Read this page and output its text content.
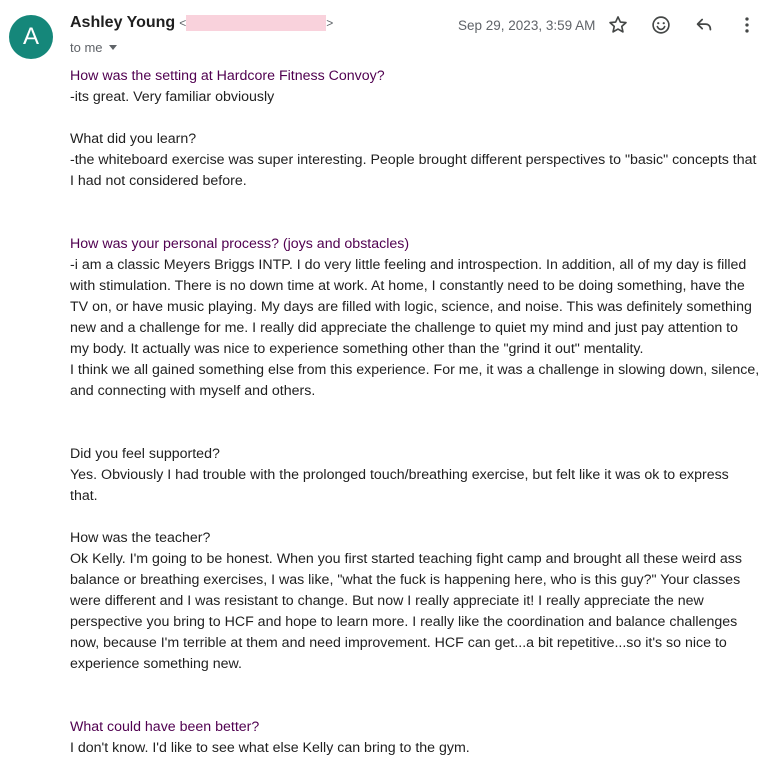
A
Ashley Young <	>
to me
Sep 29, 2023, 3:59 AM

How was the setting at Hardcore Fitness Convoy?

-its great. Very familiar obviously

What did you learn?

-the whiteboard exercise was super interesting. People brought different perspectives to "basic" concepts that I had not considered before.

How was your personal process? (joys and obstacles)

-i am a classic Meyers Briggs INTP. I do very little feeling and introspection. In addition, all of my day is filled with stimulation. There is no down time at work. At home, I constantly need to be doing something, have the TV on, or have music playing. My days are filled with logic, science, and noise. This was definitely something new and a challenge for me. I really did appreciate the challenge to quiet my mind and just pay attention to my body. It actually was nice to experience something other than the "grind it out" mentality.

I think we all gained something else from this experience. For me, it was a challenge in slowing down, silence, and connecting with myself and others.

Did you feel supported?

Yes. Obviously I had trouble with the prolonged touch/breathing exercise, but felt like it was ok to express that.

How was the teacher?

Ok Kelly. I'm going to be honest. When you first started teaching fight camp and brought all these weird ass balance or breathing exercises, I was like, "what the fuck is happening here, who is this guy?" Your classes were different and I was resistant to change. But now I really appreciate it! I really appreciate the new perspective you bring to HCF and hope to learn more. I really like the coordination and balance challenges now, because I'm terrible at them and need improvement. HCF can get...a bit repetitive...so it's so nice to experience something new.

What could have been better?

I don't know. I'd like to see what else Kelly can bring to the gym.
